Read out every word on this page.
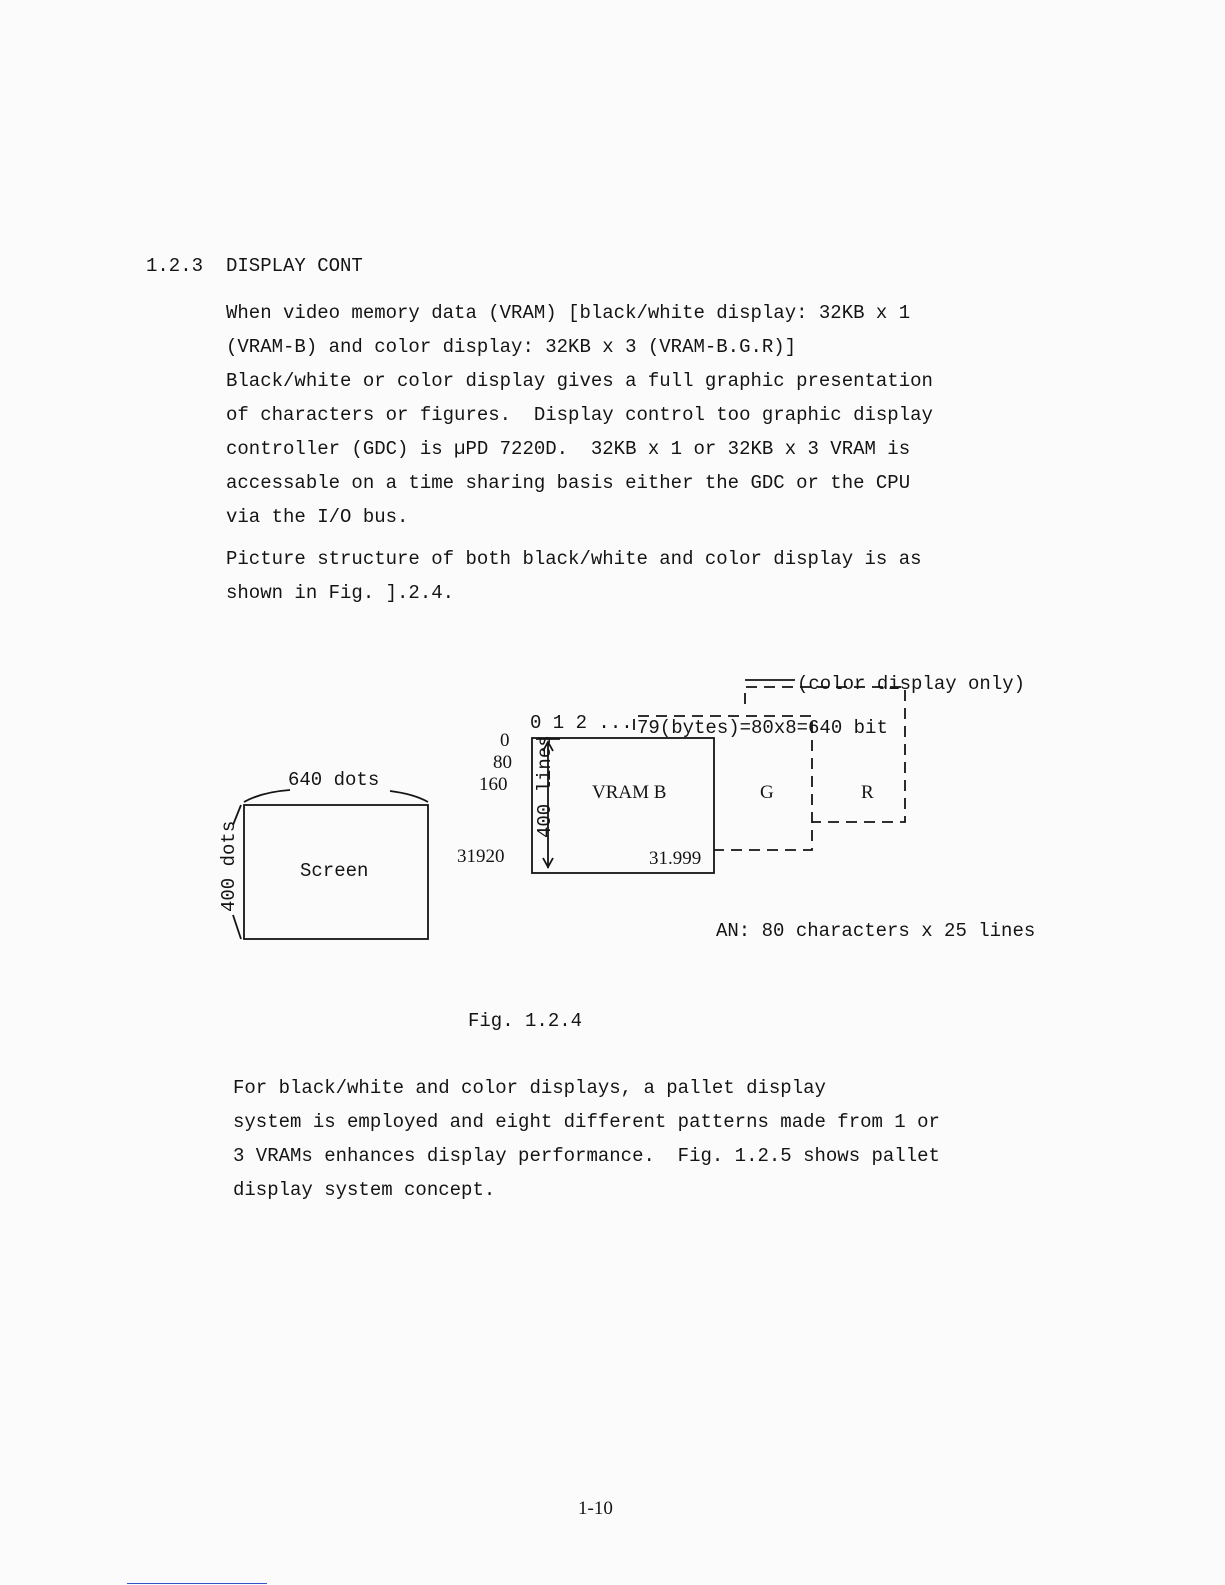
1.2.3 DISPLAY CONT

When video memory data (VRAM) [black/white display: 32KB x 1

(VRAM-B) and color display: 32KB x 3 (VRAM-B.G.R)]

Black/white or color display gives a full graphic presentation

of characters or figures.  Display control too graphic display

controller (GDC) is µPD 7220D.  32KB x 1 or 32KB x 3 VRAM is

accessable on a time sharing basis either the GDC or the CPU

via the I/O bus.

Picture structure of both black/white and color display is as

shown in Fig. ].2.4.

640 dots
400 dots	Screen
(color display only)
0 1 2 ... 79(bytes)=80x8=640 bit
0
80
160
31920
400 lines VRAM B
31.999
G	R
AN: 80 characters x 25 lines
Fig. 1.2.4

For black/white and color displays, a pallet display

system is employed and eight different patterns made from 1 or

3 VRAMs enhances display performance.  Fig. 1.2.5 shows pallet

display system concept.

1-10
